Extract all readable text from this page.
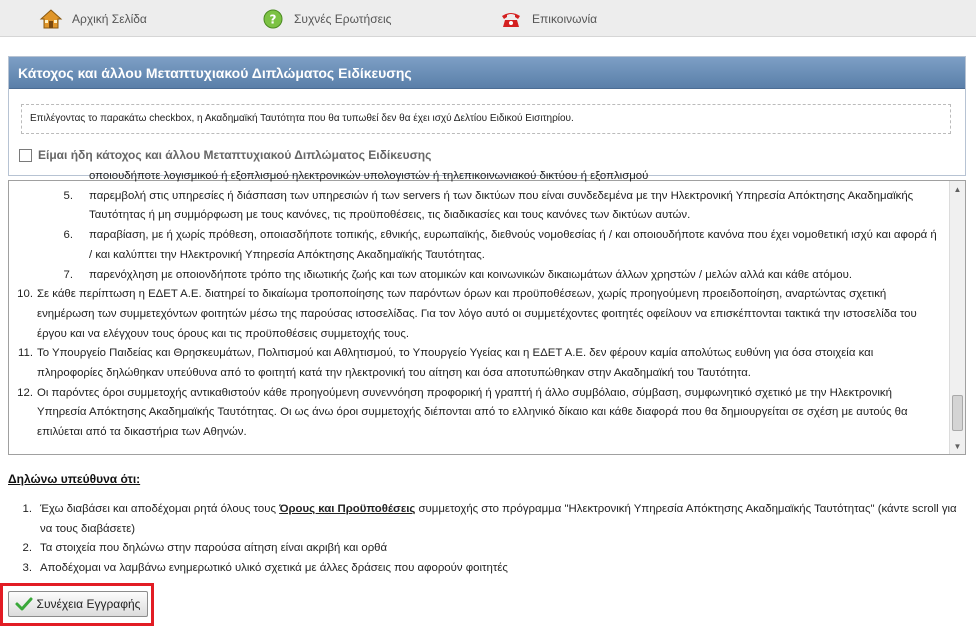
Αρχική Σελίδα	? Συχνές Ερωτήσεις	Επικοινωνία
Κάτοχος και άλλου Μεταπτυχιακού Διπλώματος Ειδίκευσης
Επιλέγοντας το παρακάτω checkbox, η Ακαδημαϊκή Ταυτότητα που θα τυπωθεί δεν θα έχει ισχύ Δελτίου Ειδικού Εισιτηρίου.
Είμαι ήδη κάτοχος και άλλου Μεταπτυχιακού Διπλώματος Ειδίκευσης
οποιουδήποτε λογισμικού ή εξοπλισμού ηλεκτρονικών υπολογιστών ή τηλεπικοινωνιακού δικτύου ή εξοπλισμού
5. παρεμβολή στις υπηρεσίες ή διάσπαση των υπηρεσιών ή των servers ή των δικτύων που είναι συνδεδεμένα με την Ηλεκτρονική Υπηρεσία Απόκτησης Ακαδημαϊκής Ταυτότητας ή μη συμμόρφωση με τους κανόνες, τις προϋποθέσεις, τις διαδικασίες και τους κανόνες των δικτύων αυτών.
6. παραβίαση, με ή χωρίς πρόθεση, οποιασδήποτε τοπικής, εθνικής, ευρωπαϊκής, διεθνούς νομοθεσίας ή / και οποιουδήποτε κανόνα που έχει νομοθετική ισχύ και αφορά ή / και καλύπτει την Ηλεκτρονική Υπηρεσία Απόκτησης Ακαδημαϊκής Ταυτότητας.
7. παρενόχληση με οποιονδήποτε τρόπο της ιδιωτικής ζωής και των ατομικών και κοινωνικών δικαιωμάτων άλλων χρηστών / μελών αλλά και κάθε ατόμου.
10. Σε κάθε περίπτωση η ΕΔΕΤ Α.Ε. διατηρεί το δικαίωμα τροποποίησης των παρόντων όρων και προϋποθέσεων, χωρίς προηγούμενη προειδοποίηση, αναρτώντας σχετική ενημέρωση των συμμετεχόντων φοιτητών μέσω της παρούσας ιστοσελίδας. Για τον λόγο αυτό οι συμμετέχοντες φοιτητές οφείλουν να επισκέπτονται τακτικά την ιστοσελίδα του έργου και να ελέγχουν τους όρους και τις προϋποθέσεις συμμετοχής τους.
11. Το Υπουργείο Παιδείας και Θρησκευμάτων, Πολιτισμού και Αθλητισμού, το Υπουργείο Υγείας και η ΕΔΕΤ Α.Ε. δεν φέρουν καμία απολύτως ευθύνη για όσα στοιχεία και πληροφορίες δηλώθηκαν υπεύθυνα από το φοιτητή κατά την ηλεκτρονική του αίτηση και όσα αποτυπώθηκαν στην Ακαδημαϊκή του Ταυτότητα.
12. Οι παρόντες όροι συμμετοχής αντικαθιστούν κάθε προηγούμενη συνεννόηση προφορική ή γραπτή ή άλλο συμβόλαιο, σύμβαση, συμφωνητικό σχετικό με την Ηλεκτρονική Υπηρεσία Απόκτησης Ακαδημαϊκής Ταυτότητας. Οι ως άνω όροι συμμετοχής διέπονται από το ελληνικό δίκαιο και κάθε διαφορά που θα δημιουργείται σε σχέση με αυτούς θα επιλύεται από τα δικαστήρια των Αθηνών.
▲
▼
Δηλώνω υπεύθυνα ότι:
1. Έχω διαβάσει και αποδέχομαι ρητά όλους τους Όρους και Προϋποθέσεις συμμετοχής στο πρόγραμμα "Ηλεκτρονική Υπηρεσία Απόκτησης Ακαδημαϊκής Ταυτότητας" (κάντε scroll για να τους διαβάσετε)
2. Τα στοιχεία που δηλώνω στην παρούσα αίτηση είναι ακριβή και ορθά
3. Αποδέχομαι να λαμβάνω ενημερωτικό υλικό σχετικά με άλλες δράσεις που αφορούν φοιτητές
Συνέχεια Εγγραφής
